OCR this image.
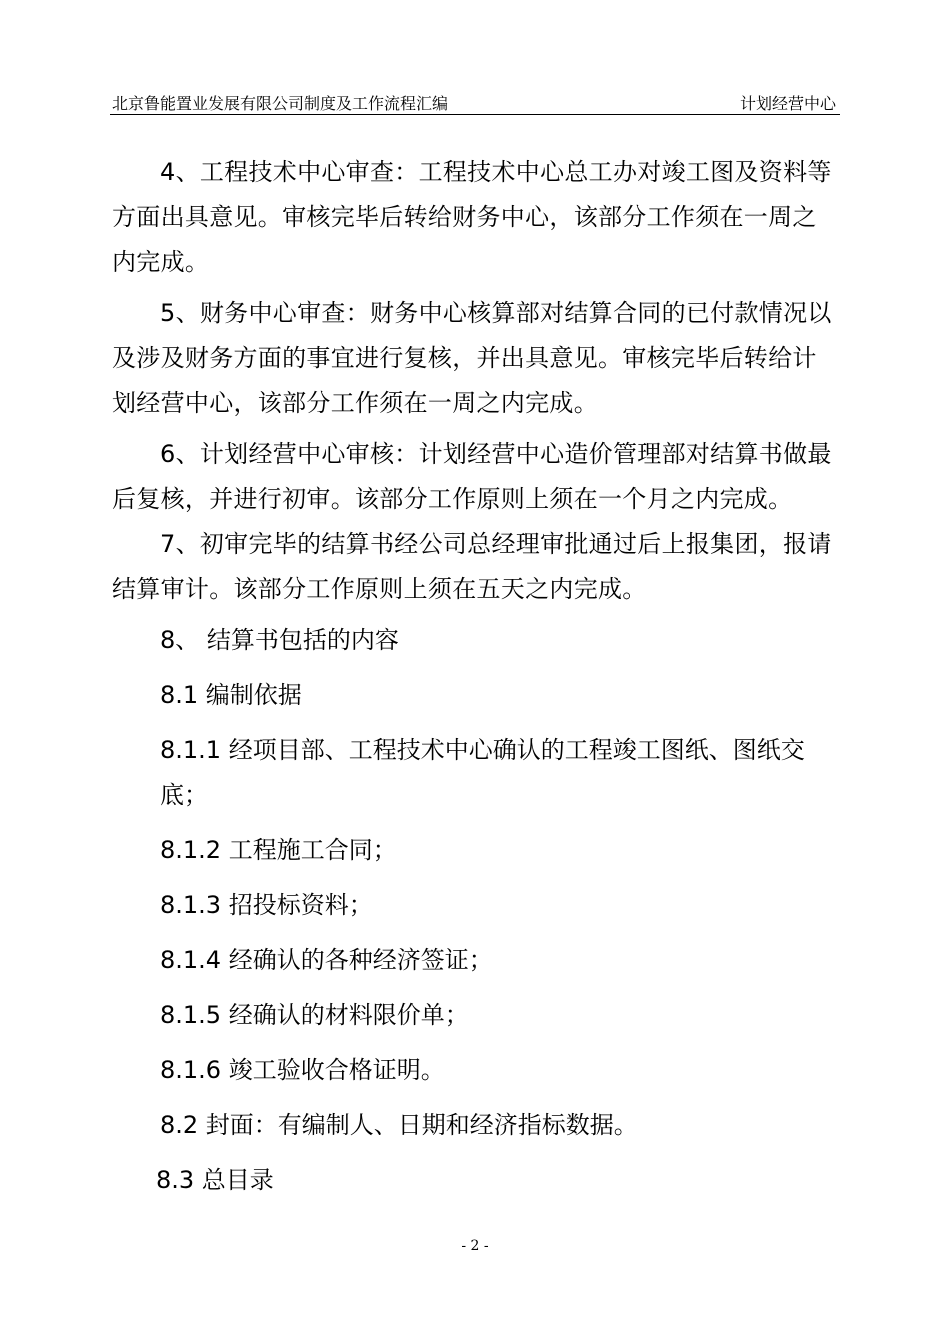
北京鲁能置业发展有限公司制度及工作流程汇编	计划经营中心

4、工程技术中心审查：工程技术中心总工办对竣工图及资料等方面出具意见。审核完毕后转给财务中心，该部分工作须在一周之内完成。

5、财务中心审查：财务中心核算部对结算合同的已付款情况以及涉及财务方面的事宜进行复核，并出具意见。审核完毕后转给计划经营中心，该部分工作须在一周之内完成。

6、计划经营中心审核：计划经营中心造价管理部对结算书做最后复核，并进行初审。该部分工作原则上须在一个月之内完成。

7、初审完毕的结算书经公司总经理审批通过后上报集团，报请结算审计。该部分工作原则上须在五天之内完成。

8、 结算书包括的内容
8.1 编制依据
8.1.1 经项目部、工程技术中心确认的工程竣工图纸、图纸交底；
8.1.2 工程施工合同；
8.1.3 招投标资料；
8.1.4 经确认的各种经济签证；
8.1.5 经确认的材料限价单；
8.1.6 竣工验收合格证明。
8.2 封面：有编制人、日期和经济指标数据。
8.3 总目录
- 2 -
